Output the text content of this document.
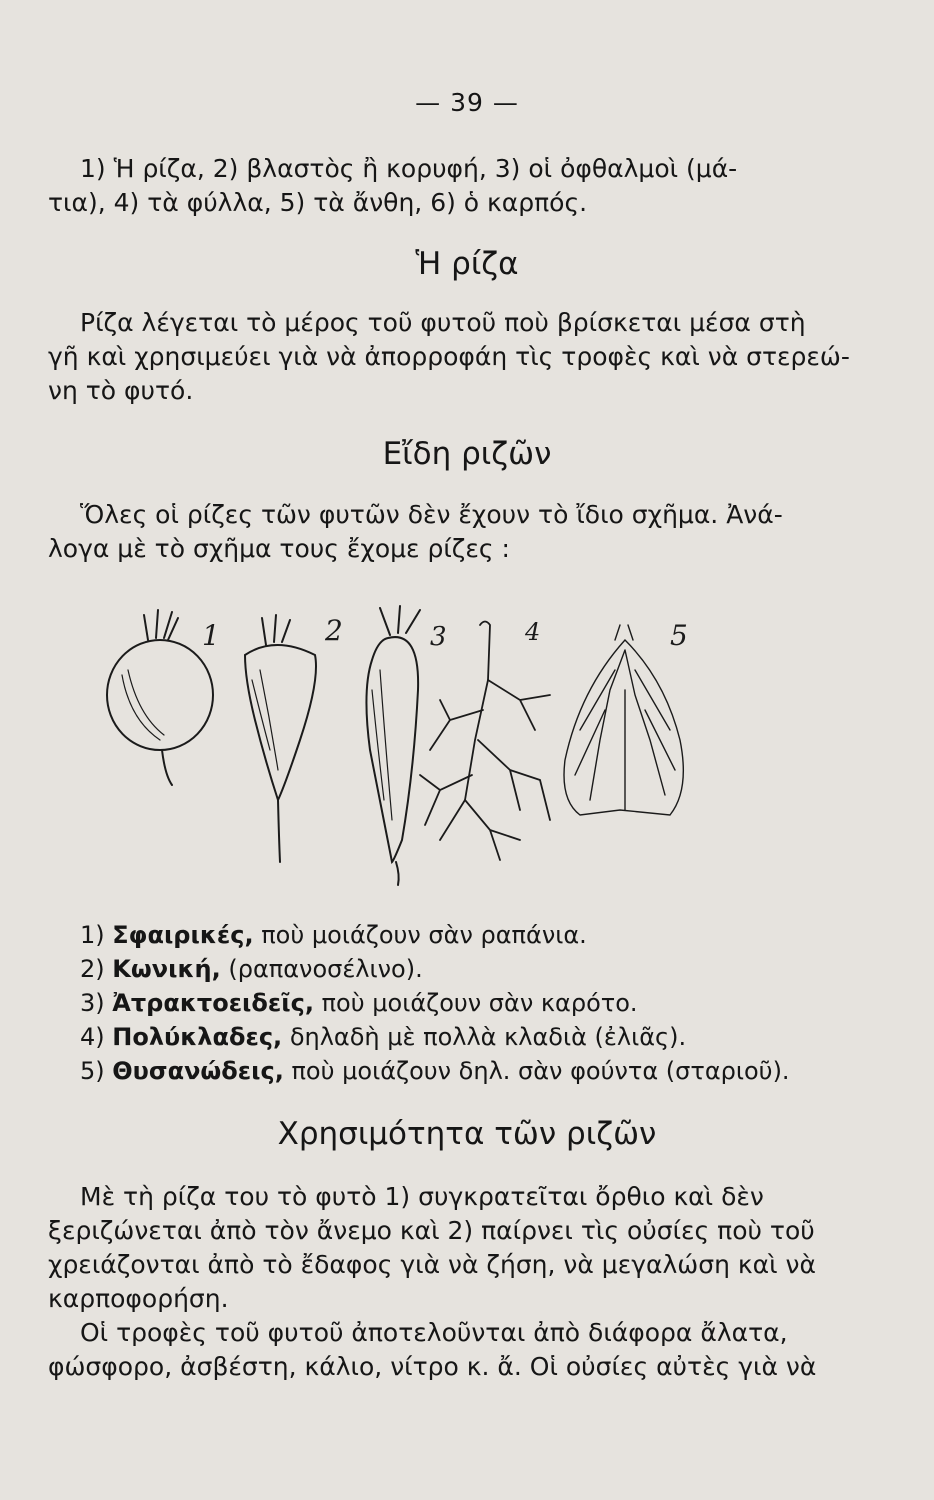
— 39 —
1) Ἡ ρίζα, 2) βλαστὸς ἢ κορυφή, 3) οἱ ὀφθαλμοὶ (μά-
τια), 4) τὰ φύλλα, 5) τὰ ἄνθη, 6) ὁ καρπός.
Ἡ ρίζα
Ρίζα λέγεται τὸ μέρος τοῦ φυτοῦ ποὺ βρίσκεται μέσα στὴ
γῆ καὶ χρησιμεύει γιὰ νὰ ἀπορροφάη τὶς τροφὲς καὶ νὰ στερεώ-
νη τὸ φυτό.
Εἴδη ριζῶν
Ὅλες οἱ ρίζες τῶν φυτῶν δὲν ἔχουν τὸ ἴδιο σχῆμα. Ἀνά-
λογα μὲ τὸ σχῆμα τους ἔχομε ρίζες :
1	2	3	4	5
1) Σφαιρικές, ποὺ μοιάζουν σὰν ραπάνια.
2) Κωνική, (ραπανοσέλινο).
3) Ἀτρακτοειδεῖς, ποὺ μοιάζουν σὰν καρότο.
4) Πολύκλαδες, δηλαδὴ μὲ πολλὰ κλαδιὰ (ἐλιᾶς).
5) Θυσανώδεις, ποὺ μοιάζουν δηλ. σὰν φούντα (σταριοῦ).
Χρησιμότητα τῶν ριζῶν
Μὲ τὴ ρίζα του τὸ φυτὸ 1) συγκρατεῖται ὄρθιο καὶ δὲν
ξεριζώνεται ἀπὸ τὸν ἄνεμο καὶ 2) παίρνει τὶς οὐσίες ποὺ τοῦ
χρειάζονται ἀπὸ τὸ ἔδαφος γιὰ νὰ ζήση, νὰ μεγαλώση καὶ νὰ
καρποφορήση.
Οἱ τροφὲς τοῦ φυτοῦ ἀποτελοῦνται ἀπὸ διάφορα ἄλατα,
φώσφορο, ἀσβέστη, κάλιο, νίτρο κ. ἄ. Οἱ οὐσίες αὐτὲς γιὰ νὰ
